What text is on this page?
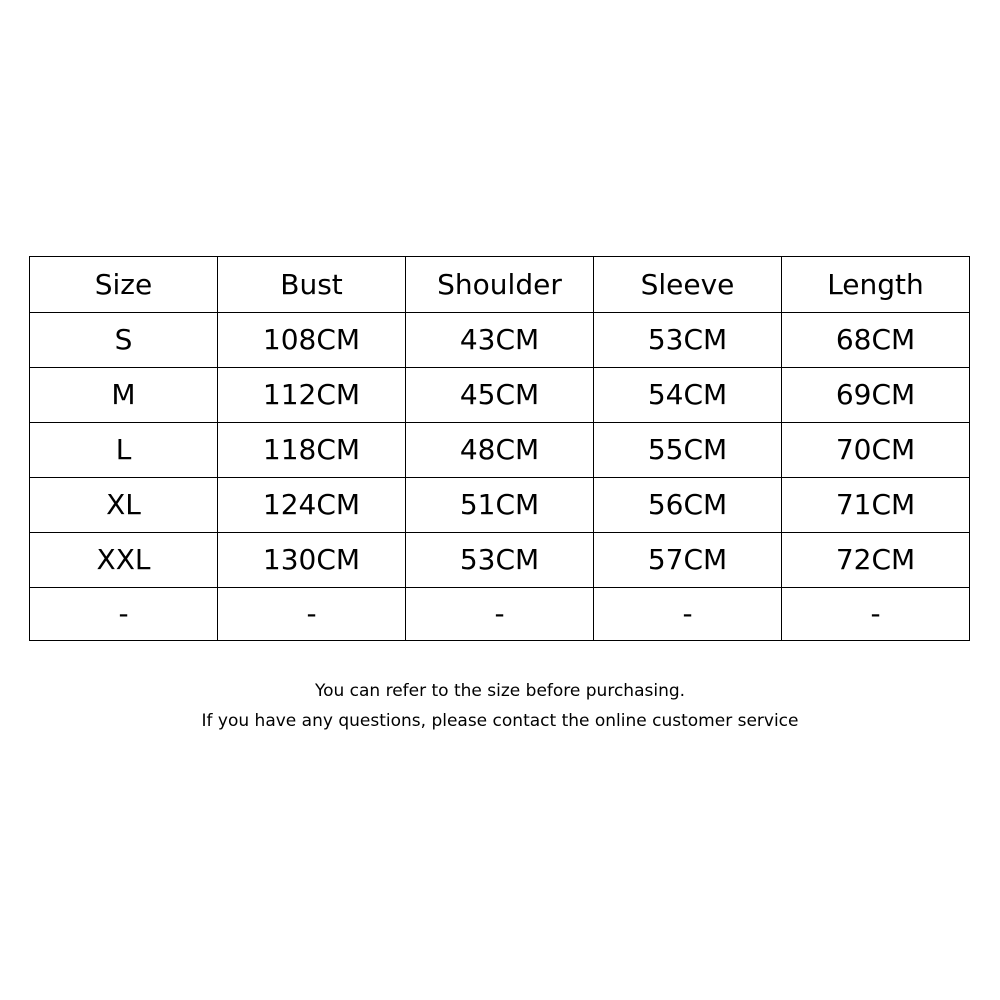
Size	Bust	Shoulder	Sleeve	Length
S	108CM	43CM	53CM	68CM
M	112CM	45CM	54CM	69CM
L	118CM	48CM	55CM	70CM
XL	124CM	51CM	56CM	71CM
XXL	130CM	53CM	57CM	72CM
-	-	-	-	-

You can refer to the size before purchasing.

If you have any questions, please contact the online customer service
